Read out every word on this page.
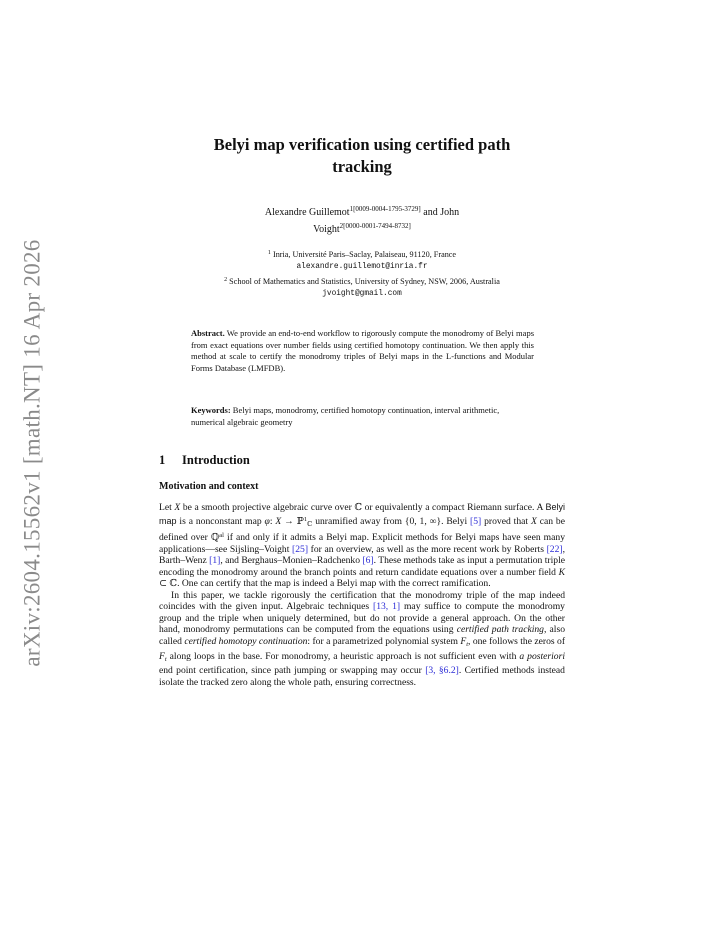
arXiv:2604.15562v1 [math.NT] 16 Apr 2026
Belyi map verification using certified path
tracking
Alexandre Guillemot$^{1[0009-0004-1795-3729]}$ and John
Voight$^{2[0000-0001-7494-8732]}$
$^1$ Inria, Université Paris–Saclay, Palaiseau, 91120, France
alexandre.guillemot@inria.fr
$^2$ School of Mathematics and Statistics, University of Sydney, NSW, 2006, Australia
jvoight@gmail.com
Abstract. We provide an end-to-end workflow to rigorously compute the monodromy of Belyi maps from exact equations over number fields using certified homotopy continuation. We then apply this method at scale to certify the monodromy triples of Belyi maps in the L-functions and Modular Forms Database (LMFDB).
Keywords: Belyi maps, monodromy, certified homotopy continuation, interval arithmetic, numerical algebraic geometry
1 Introduction
Motivation and context

Let X be a smooth projective algebraic curve over ℂ or equivalently a compact Riemann surface. A Belyi map is a nonconstant map φ: X → ℙ$^1_ℂ$ unramified away from {0, 1, ∞}. Belyi [5] proved that X can be defined over ℚ$^{al}$ if and only if it admits a Belyi map. Explicit methods for Belyi maps have seen many applications—see Sijsling–Voight [25] for an overview, as well as the more recent work by Roberts [22], Barth–Wenz [1], and Berghaus–Monien–Radchenko [6]. These methods take as input a permutation triple encoding the monodromy around the branch points and return candidate equations over a number field K ⊂ ℂ. One can certify that the map is indeed a Belyi map with the correct ramification.

In this paper, we tackle rigorously the certification that the monodromy triple of the map indeed coincides with the given input. Algebraic techniques [13, 1] may suffice to compute the monodromy group and the triple when uniquely determined, but do not provide a general approach. On the other hand, monodromy permutations can be computed from the equations using certified path tracking, also called certified homotopy continuation: for a parametrized polynomial system $F_t$, one follows the zeros of $F_t$ along loops in the base. For monodromy, a heuristic approach is not sufficient even with a posteriori end point certification, since path jumping or swapping may occur [3, §6.2]. Certified methods instead isolate the tracked zero along the whole path, ensuring correctness.
